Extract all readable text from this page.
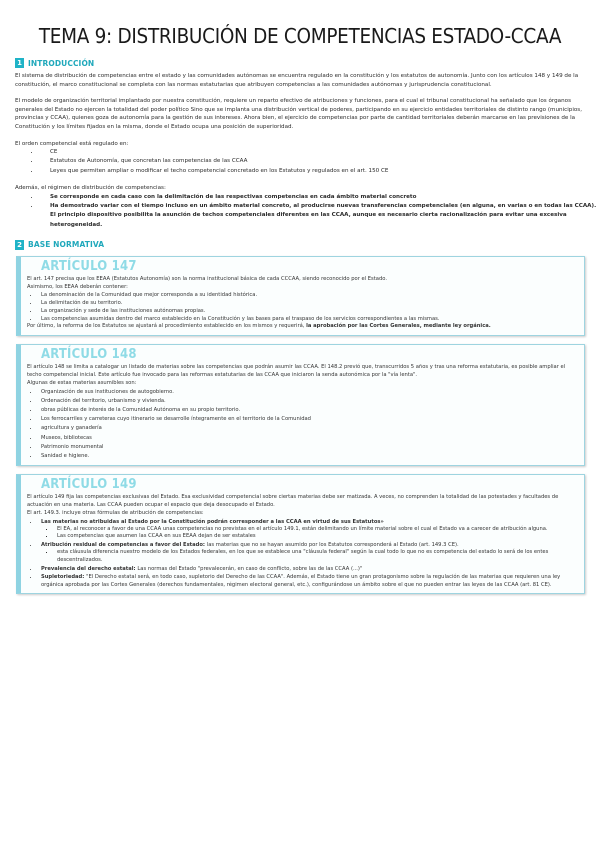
TEMA 9: DISTRIBUCIÓN DE COMPETENCIAS ESTADO-CCAA
1 INTRODUCCIÓN

El sistema de distribución de competencias entre el estado y las comunidades autónomas se encuentra regulado en la constitución y los estatutos de autonomía. Junto con los artículos 148 y 149 de la constitución, el marco constitucional se completa con las normas estatutarias que atribuyen competencias a las comunidades autónomas y jurisprudencia constitucional.

El modelo de organización territorial implantado por nuestra constitución, requiere un reparto efectivo de atribuciones y funciones, para el cual el tribunal constitucional ha señalado que los órganos generales del Estado no ejercen la totalidad del poder político Sino que se implanta una distribución vertical de poderes, participando en su ejercicio entidades territoriales de distinto rango (municipios, provincias y CCAA), quienes goza de autonomía para la gestión de sus intereses. Ahora bien, el ejercicio de competencias por parte de cantidad territoriales deberán marcarse en las previsiones de la Constitución y los límites fijados en la misma, donde el Estado ocupa una posición de superioridad.

El orden competencial está regulado en:

• CE
• Estatutos de Autonomía, que concretan las competencias de las CCAA
• Leyes que permiten ampliar o modificar el techo competencial concretado en los Estatutos y regulados en el art. 150 CE

Además, el régimen de distribución de competencias:

• Se corresponde en cada caso con la delimitación de las respectivas competencias en cada ámbito material concreto
• Ha demostrado variar con el tiempo incluso en un ámbito material concreto, al producirse nuevas transferencias competenciales (en alguna, en varias o en todas las CCAA). El principio dispositivo posibilita la asunción de techos competenciales diferentes en las CCAA, aunque es necesario cierta racionalización para evitar una excesiva heterogeneidad.
2 BASE NORMATIVA
ARTÍCULO 147
El art. 147 precisa que los EEAA (Estatutos Autonomía) son la norma institucional básica de cada CCCAA, siendo reconocido por el Estado.
Asimismo, los EEAA deberán contener:
• La denominación de la Comunidad que mejor corresponda a su identidad histórica.
• La delimitación de su territorio.
• La organización y sede de las instituciones autónomas propias.
• Las competencias asumidas dentro del marco establecido en la Constitución y las bases para el traspaso de los servicios correspondientes a las mismas.
Por último, la reforma de los Estatutos se ajustará al procedimiento establecido en los mismos y requerirá, la aprobación por las Cortes Generales, mediante ley orgánica.
ARTÍCULO 148
El artículo 148 se limita a catalogar un listado de materias sobre las competencias que podrán asumir las CCAA. El 148.2 previó que, transcurridos 5 años y tras una reforma estatutaria, es posible ampliar el techo competencial inicial. Este artículo fue invocado para las reformas estatutarias de las CCAA que iniciaron la senda autonómica por la "vía lenta".
Algunas de estas materias asumibles son:
• Organización de sus instituciones de autogobierno.
• Ordenación del territorio, urbanismo y vivienda.
• obras públicas de interés de la Comunidad Autónoma en su propio territorio.
• Los ferrocarriles y carreteras cuyo itinerario se desarrolle íntegramente en el territorio de la Comunidad
• agricultura y ganadería
• Museos, bibliotecas
• Patrimonio monumental
• Sanidad e higiene.
ARTÍCULO 149
El artículo 149 fija las competencias exclusivas del Estado. Esa exclusividad competencial sobre ciertas materias debe ser matizada. A veces, no comprenden la totalidad de las potestades y facultades de actuación en una materia. Las CCAA pueden ocupar el espacio que deja desocupado el Estado.
El art. 149.3. incluye otras fórmulas de atribución de competencias:
• Las materias no atribuidas al Estado por la Constitución podrán corresponder a las CCAA en virtud de sus Estatutos»
▪ El EA, al reconocer a favor de una CCAA unas competencias no previstas en el artículo 149.1, están delimitando un límite material sobre el cual el Estado va a carecer de atribución alguna.
▪ Las competencias que asumen las CCAA en sus EEAA dejan de ser estatales
• Atribución residual de competencias a favor del Estado: las materias que no se hayan asumido por los Estatutos corresponderá al Estado (art. 149.3 CE).
▪ esta cláusula diferencia nuestro modelo de los Estados federales, en los que se establece una "cláusula federal" según la cual todo lo que no es competencia del estado lo será de los entes descentralizados.
• Prevalencia del derecho estatal: Las normas del Estado "prevalecerán, en caso de conflicto, sobre las de las CCAA (...)"
• Supletoriedad: "El Derecho estatal será, en todo caso, supletorio del Derecho de las CCAA". Además, el Estado tiene un gran protagonismo sobre la regulación de las materias que requieren una ley orgánica aprobada por las Cortes Generales (derechos fundamentales, régimen electoral general, etc.), configurándose un ámbito sobre el que no pueden entrar las leyes de las CCAA (art. 81 CE).
